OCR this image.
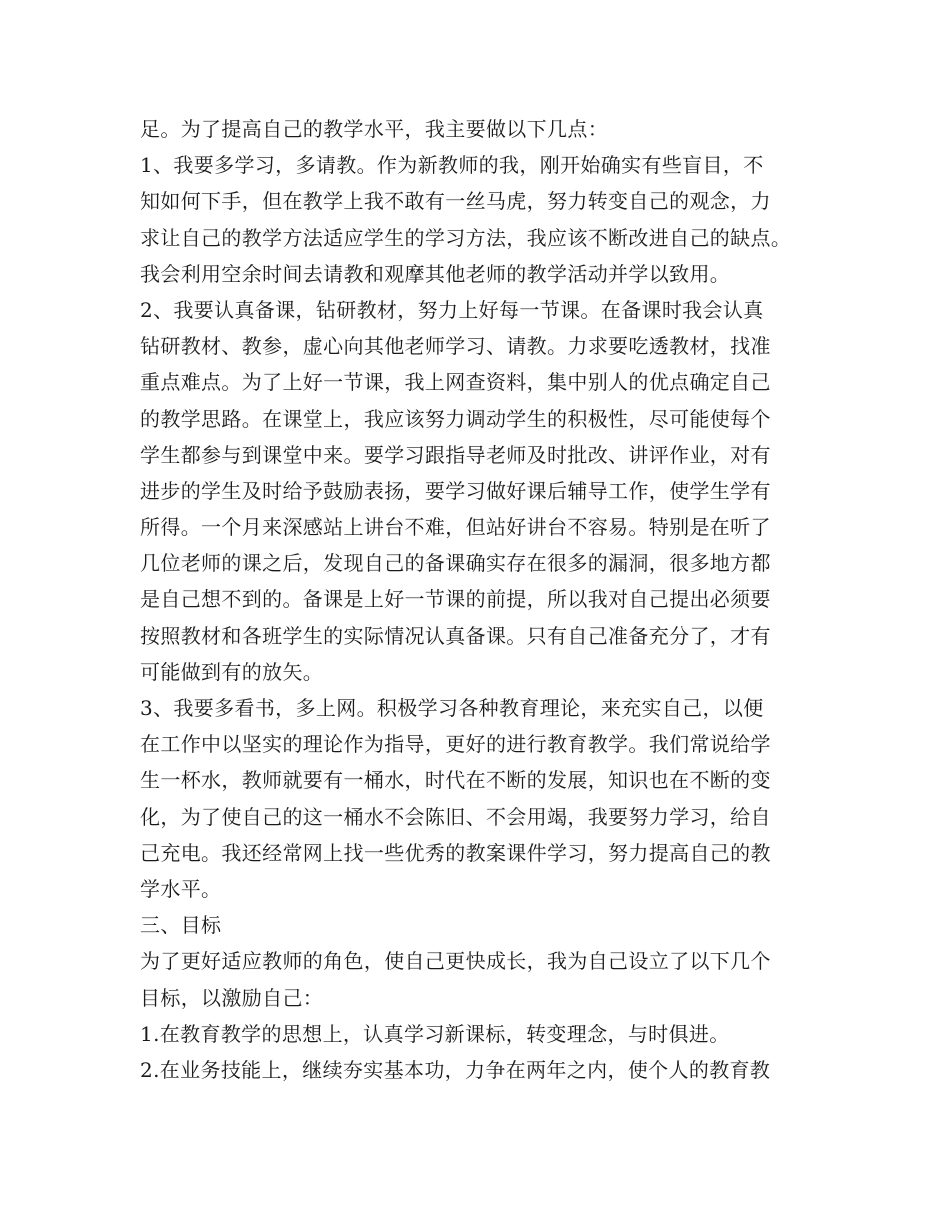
足。为了提高自己的教学水平，我主要做以下几点：
1、我要多学习，多请教。作为新教师的我，刚开始确实有些盲目，不
知如何下手，但在教学上我不敢有一丝马虎，努力转变自己的观念，力
求让自己的教学方法适应学生的学习方法，我应该不断改进自己的缺点。
我会利用空余时间去请教和观摩其他老师的教学活动并学以致用。
2、我要认真备课，钻研教材，努力上好每一节课。在备课时我会认真
钻研教材、教参，虚心向其他老师学习、请教。力求要吃透教材，找准
重点难点。为了上好一节课，我上网查资料，集中别人的优点确定自己
的教学思路。在课堂上，我应该努力调动学生的积极性，尽可能使每个
学生都参与到课堂中来。要学习跟指导老师及时批改、讲评作业，对有
进步的学生及时给予鼓励表扬，要学习做好课后辅导工作，使学生学有
所得。一个月来深感站上讲台不难，但站好讲台不容易。特别是在听了
几位老师的课之后，发现自己的备课确实存在很多的漏洞，很多地方都
是自己想不到的。备课是上好一节课的前提，所以我对自己提出必须要
按照教材和各班学生的实际情况认真备课。只有自己准备充分了，才有
可能做到有的放矢。
3、我要多看书，多上网。积极学习各种教育理论，来充实自己，以便
在工作中以坚实的理论作为指导，更好的进行教育教学。我们常说给学
生一杯水，教师就要有一桶水，时代在不断的发展，知识也在不断的变
化，为了使自己的这一桶水不会陈旧、不会用竭，我要努力学习，给自
己充电。我还经常网上找一些优秀的教案课件学习，努力提高自己的教
学水平。
三、目标
为了更好适应教师的角色，使自己更快成长，我为自己设立了以下几个
目标，以激励自己：
1.在教育教学的思想上，认真学习新课标，转变理念，与时俱进。
2.在业务技能上，继续夯实基本功，力争在两年之内，使个人的教育教
